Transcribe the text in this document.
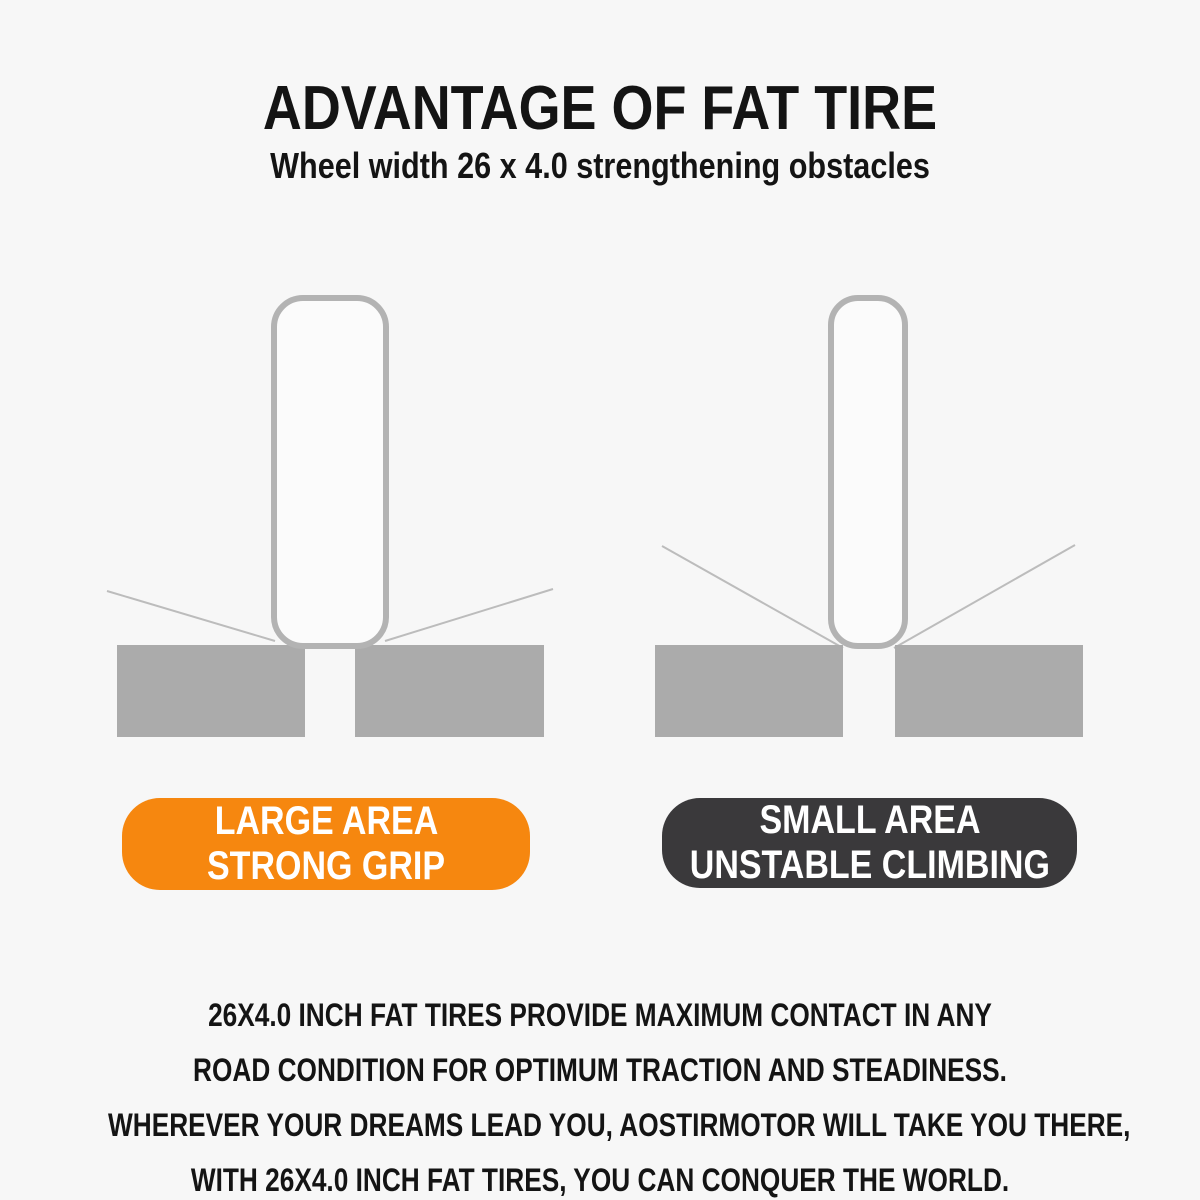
ADVANTAGE OF FAT TIRE
Wheel width 26 x 4.0 strengthening obstacles
LARGE AREA
STRONG GRIP
SMALL AREA
UNSTABLE CLIMBING
26X4.0 INCH FAT TIRES PROVIDE MAXIMUM CONTACT IN ANY
ROAD CONDITION FOR OPTIMUM TRACTION AND STEADINESS.
WHEREVER YOUR DREAMS LEAD YOU, AOSTIRMOTOR WILL TAKE YOU THERE,
WITH 26X4.0 INCH FAT TIRES, YOU CAN CONQUER THE WORLD.
